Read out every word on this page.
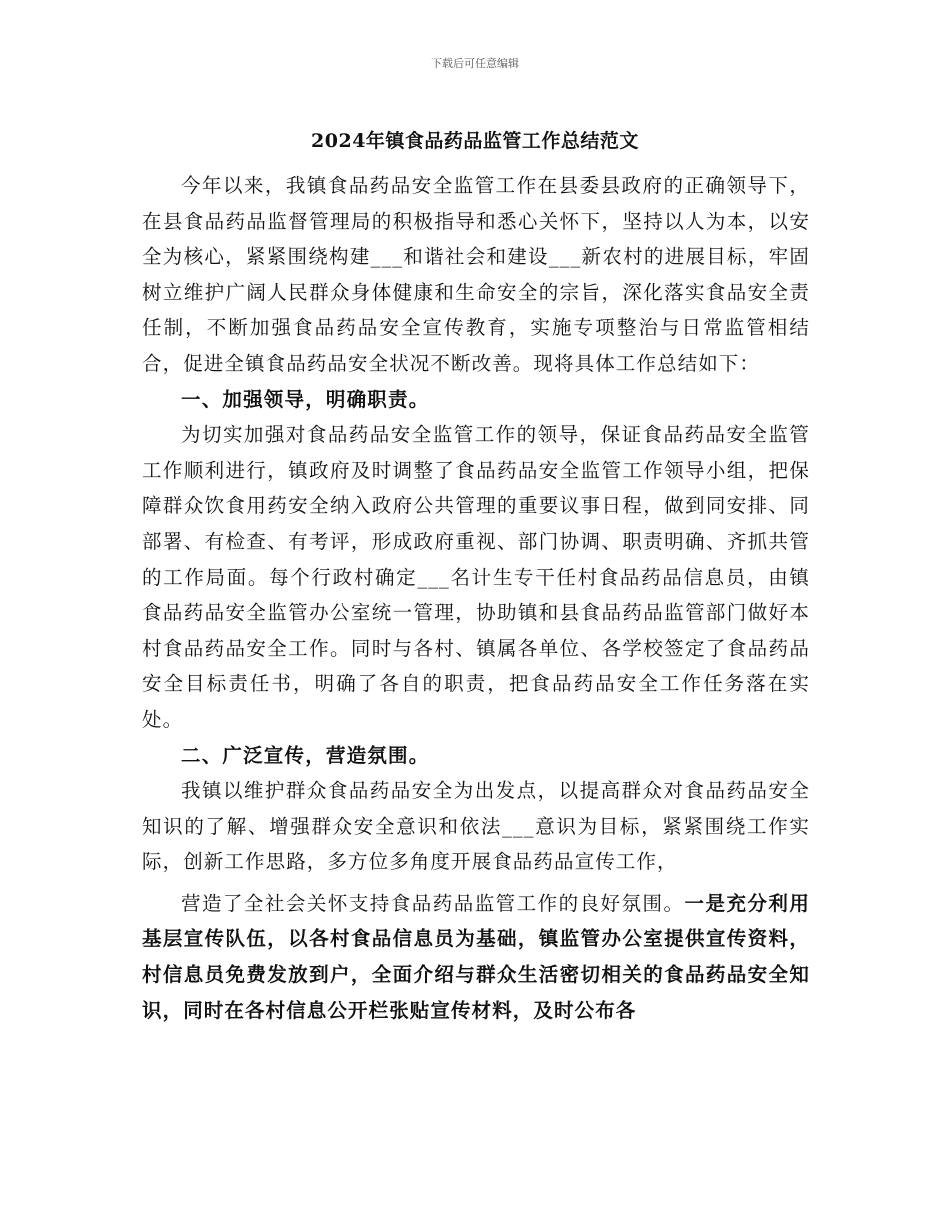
下载后可任意编辑
2024年镇食品药品监管工作总结范文

今年以来，我镇食品药品安全监管工作在县委县政府的正确领导下，在县食品药品监督管理局的积极指导和悉心关怀下，坚持以人为本，以安全为核心，紧紧围绕构建___和谐社会和建设___新农村的进展目标，牢固树立维护广阔人民群众身体健康和生命安全的宗旨，深化落实食品安全责任制，不断加强食品药品安全宣传教育，实施专项整治与日常监管相结合，促进全镇食品药品安全状况不断改善。现将具体工作总结如下：

一、加强领导，明确职责。

为切实加强对食品药品安全监管工作的领导，保证食品药品安全监管工作顺利进行，镇政府及时调整了食品药品安全监管工作领导小组，把保障群众饮食用药安全纳入政府公共管理的重要议事日程，做到同安排、同部署、有检查、有考评，形成政府重视、部门协调、职责明确、齐抓共管的工作局面。每个行政村确定___名计生专干任村食品药品信息员，由镇食品药品安全监管办公室统一管理，协助镇和县食品药品监管部门做好本村食品药品安全工作。同时与各村、镇属各单位、各学校签定了食品药品安全目标责任书，明确了各自的职责，把食品药品安全工作任务落在实处。

二、广泛宣传，营造氛围。

我镇以维护群众食品药品安全为出发点，以提高群众对食品药品安全知识的了解、增强群众安全意识和依法___意识为目标，紧紧围绕工作实际，创新工作思路，多方位多角度开展食品药品宣传工作，

营造了全社会关怀支持食品药品监管工作的良好氛围。一是充分利用基层宣传队伍，以各村食品信息员为基础，镇监管办公室提供宣传资料，村信息员免费发放到户，全面介绍与群众生活密切相关的食品药品安全知识，同时在各村信息公开栏张贴宣传材料，及时公布各
